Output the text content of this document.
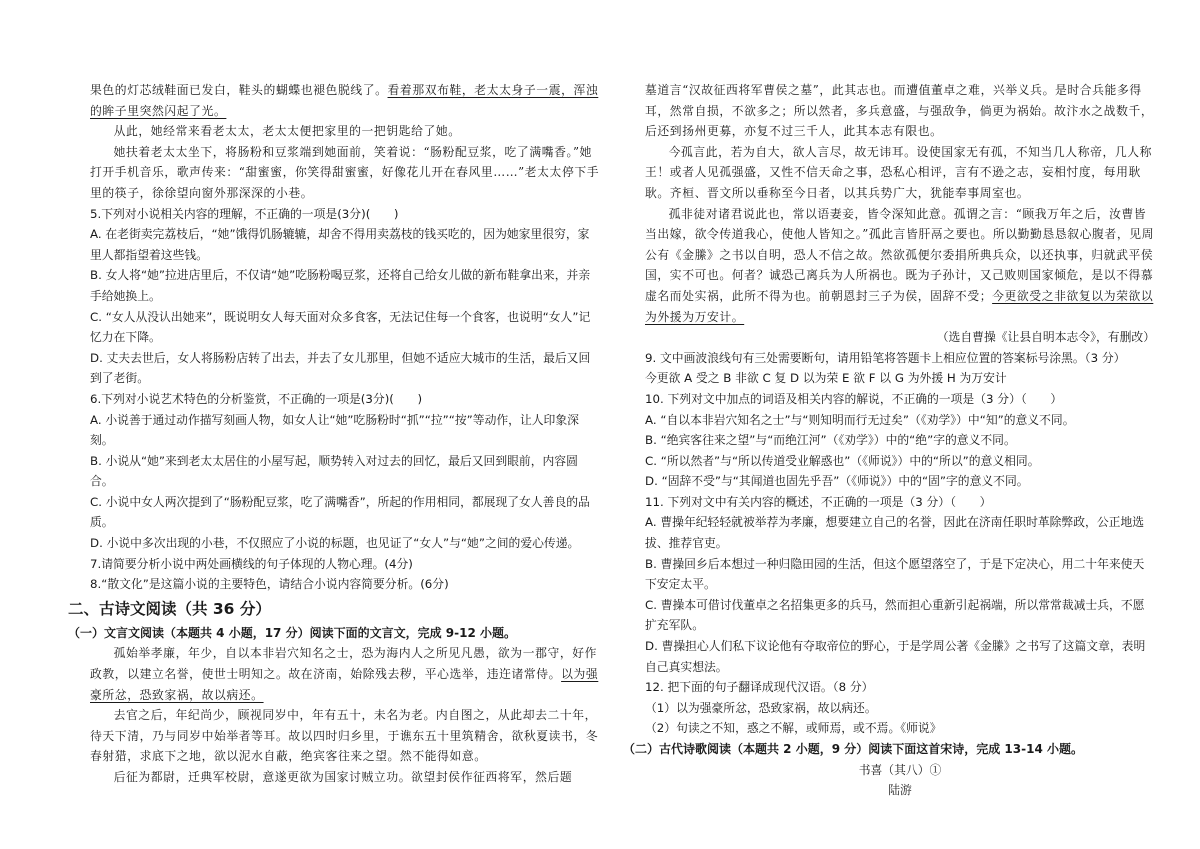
果色的灯芯绒鞋面已发白，鞋头的蝴蝶也褪色脱线了。看着那双布鞋，老太太身子一震，浑浊的眸子里突然闪起了光。

从此，她经常来看老太太，老太太便把家里的一把钥匙给了她。

她扶着老太太坐下，将肠粉和豆浆端到她面前，笑着说：“肠粉配豆浆，吃了满嘴香。”她打开手机音乐，歌声传来：“甜蜜蜜，你笑得甜蜜蜜，好像花儿开在春风里……”老太太停下手里的筷子，徐徐望向窗外那深深的小巷。

5.下列对小说相关内容的理解，不正确的一项是(3分)(　　)

A. 在老街卖完荔枝后，“她”饿得饥肠辘辘，却舍不得用卖荔枝的钱买吃的，因为她家里很穷，家里人都指望着这些钱。

B. 女人将“她”拉进店里后，不仅请“她”吃肠粉喝豆浆，还将自己给女儿做的新布鞋拿出来，并亲手给她换上。

C. “女人从没认出她来”，既说明女人每天面对众多食客，无法记住每一个食客，也说明“女人”记忆力在下降。

D. 丈夫去世后，女人将肠粉店转了出去，并去了女儿那里，但她不适应大城市的生活，最后又回到了老街。

6.下列对小说艺术特色的分析鉴赏，不正确的一项是(3分)(　　)

A. 小说善于通过动作描写刻画人物，如女人让“她”吃肠粉时“抓”“拉”“按”等动作，让人印象深刻。

B. 小说从“她”来到老太太居住的小屋写起，顺势转入对过去的回忆，最后又回到眼前，内容圆合。

C. 小说中女人两次提到了“肠粉配豆浆，吃了满嘴香”，所起的作用相同，都展现了女人善良的品质。

D. 小说中多次出现的小巷，不仅照应了小说的标题，也见证了“女人”与“她”之间的爱心传递。

7.请简要分析小说中两处画横线的句子体现的人物心理。(4分)

8.“散文化”是这篇小说的主要特色，请结合小说内容简要分析。(6分)

二、古诗文阅读（共 36 分）

（一）文言文阅读（本题共 4 小题，17 分）阅读下面的文言文，完成 9-12 小题。

孤始举孝廉，年少，自以本非岩穴知名之士，恐为海内人之所见凡愚，欲为一郡守，好作政教，以建立名誉，使世士明知之。故在济南，始除残去秽，平心选举，违迕诸常侍。以为强豪所忿，恐致家祸，故以病还。

去官之后，年纪尚少，顾视同岁中，年有五十，未名为老。内自图之，从此却去二十年，待天下清，乃与同岁中始举者等耳。故以四时归乡里，于谯东五十里筑精舍，欲秋夏读书，冬春射猎，求底下之地，欲以泥水自蔽，绝宾客往来之望。然不能得如意。

后征为都尉，迁典军校尉，意遂更欲为国家讨贼立功。欲望封侯作征西将军，然后题

墓道言“汉故征西将军曹侯之墓”，此其志也。而遭值董卓之难，兴举义兵。是时合兵能多得耳，然常自损，不欲多之；所以然者，多兵意盛，与强敌争，倘更为祸始。故汴水之战数千，后还到扬州更募，亦复不过三千人，此其本志有限也。

今孤言此，若为自大，欲人言尽，故无讳耳。设使国家无有孤，不知当几人称帝，几人称王！或者人见孤强盛，又性不信天命之事，恐私心相评，言有不逊之志，妄相忖度，每用耿耿。齐桓、晋文所以垂称至今日者，以其兵势广大，犹能奉事周室也。

孤非徒对诸君说此也，常以语妻妾，皆令深知此意。孤谓之言：“顾我万年之后，汝曹皆当出嫁，欲令传道我心，使他人皆知之。”孤此言皆肝鬲之要也。所以勤勤恳恳叙心腹者，见周公有《金縢》之书以自明，恐人不信之故。然欲孤便尔委捐所典兵众，以还执事，归就武平侯国，实不可也。何者？诚恐己离兵为人所祸也。既为子孙计，又己败则国家倾危，是以不得慕虚名而处实祸，此所不得为也。前朝恩封三子为侯，固辞不受；今更欲受之非欲复以为荣欲以为外援为万安计。

（选自曹操《让县自明本志令》，有删改）

9. 文中画波浪线句有三处需要断句，请用铅笔将答题卡上相应位置的答案标号涂黑。（3 分）

今更欲 A 受之 B 非欲 C 复 D 以为荣 E 欲 F 以 G 为外援 H 为万安计

10. 下列对文中加点的词语及相关内容的解说，不正确的一项是（3 分）（　　）

A. “自以本非岩穴知名之士”与“则知明而行无过矣”（《劝学》）中“知”的意义不同。

B. “绝宾客往来之望”与“而绝江河”（《劝学》）中的“绝”字的意义不同。

C. “所以然者”与“所以传道受业解惑也”（《师说》）中的“所以”的意义相同。

D. “固辞不受”与“其闻道也固先乎吾”（《师说》）中的“固”字的意义不同。

11. 下列对文中有关内容的概述，不正确的一项是（3 分）（　　）

A. 曹操年纪轻轻就被举荐为孝廉，想要建立自己的名誉，因此在济南任职时革除弊政，公正地选拔、推荐官吏。

B. 曹操回乡后本想过一种归隐田园的生活，但这个愿望落空了，于是下定决心，用二十年来使天下安定太平。

C. 曹操本可借讨伐董卓之名招集更多的兵马，然而担心重新引起祸端，所以常常裁减士兵，不愿扩充军队。

D. 曹操担心人们私下议论他有夺取帝位的野心，于是学周公著《金縢》之书写了这篇文章，表明自己真实想法。

12. 把下面的句子翻译成现代汉语。（8 分）

（1）以为强豪所忿，恐致家祸，故以病还。

（2）句读之不知，惑之不解，或师焉，或不焉。《师说》

（二）古代诗歌阅读（本题共 2 小题，9 分）阅读下面这首宋诗，完成 13-14 小题。

书喜（其八）①

陆游
